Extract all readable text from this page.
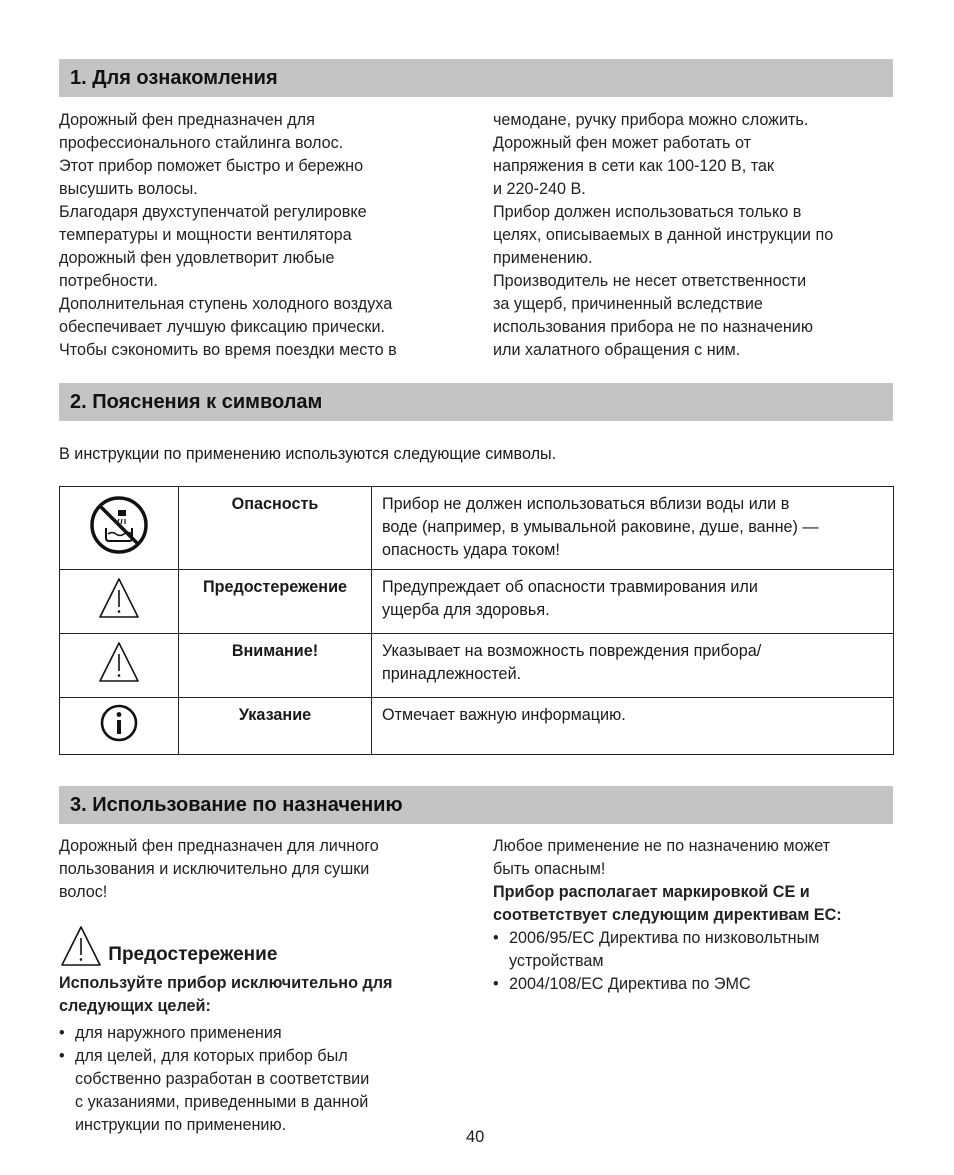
1. Для ознакомления

Дорожный фен предназначен для

профессионального стайлинга волос.

Этот прибор поможет быстро и бережно

высушить волосы.

Благодаря двухступенчатой регулировке

температуры и мощности вентилятора

дорожный фен удовлетворит любые

потребности.

Дополнительная ступень холодного воздуха

обеспечивает лучшую фиксацию прически.

Чтобы сэкономить во время поездки место в

чемодане, ручку прибора можно сложить.

Дорожный фен может работать от

напряжения в сети как 100-120 В, так

и 220-240 В.

Прибор должен использоваться только в

целях, описываемых в данной инструкции по

применению.

Производитель не несет ответственности

за ущерб, причиненный вследствие

использования прибора не по назначению

или халатного обращения с ним.

2. Пояснения к символам
В инструкции по применению используются следующие символы.
	Опасность	Прибор не должен использоваться вблизи воды или в
воде (например, в умывальной раковине, душе, ванне) —
опасность удара током!

	Предостережение	Предупреждает об опасности травмирования или
ущерба для здоровья.

	Внимание!	Указывает на возможность повреждения прибора/
принадлежностей.

	Указание	Отмечает важную информацию.
3. Использование по назначению

Дорожный фен предназначен для личного

пользования и исключительно для сушки

волос!

Предостережение

Используйте прибор исключительно для

следующих целей:

• для наружного применения
• для целей, для которых прибор был
собственно разработан в соответствии
с указаниями, приведенными в данной
инструкции по применению.

Любое применение не по назначению может

быть опасным!

Прибор располагает маркировкой CE и

соответствует следующим директивам ЕС:

• 2006/95/ЕС Директива по низковольтным
устройствам
• 2004/108/ЕС Директива по ЭМС
40
